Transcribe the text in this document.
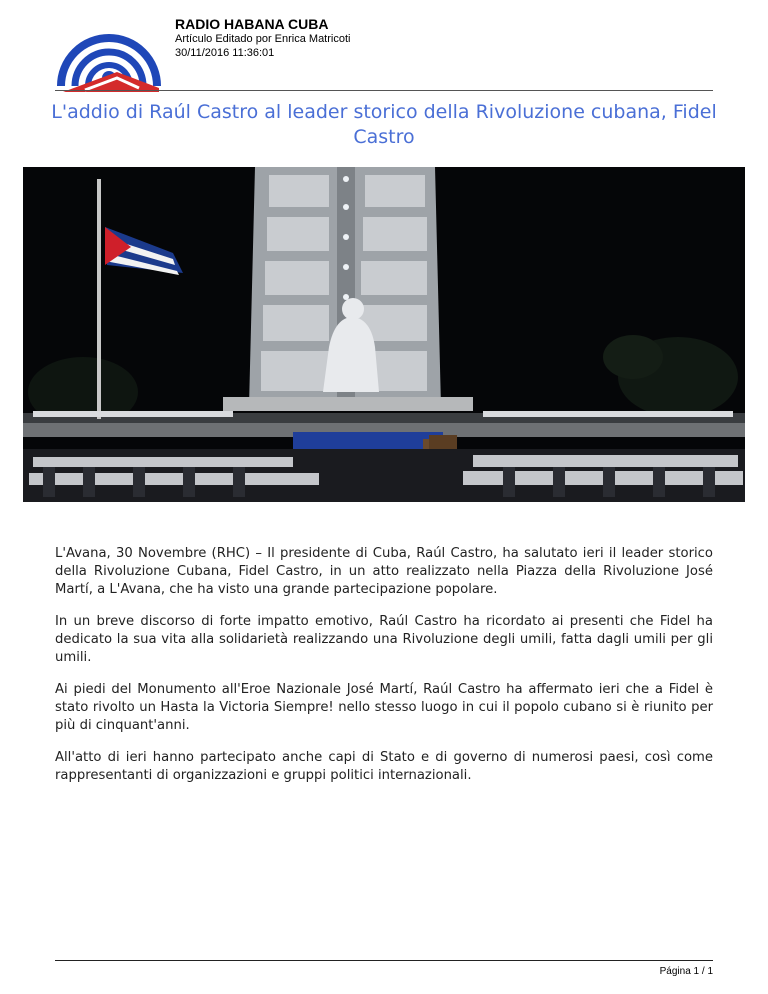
RADIO HABANA CUBA
Artículo Editado por Enrica Matricoti
30/11/2016 11:36:01
L'addio di Raúl Castro al leader storico della Rivoluzione cubana, Fidel Castro

L'Avana, 30 Novembre (RHC) – Il presidente di Cuba, Raúl Castro, ha salutato ieri il leader storico della Rivoluzione Cubana, Fidel Castro, in un atto realizzato nella Piazza della Rivoluzione José Martí, a L'Avana, che ha visto una grande partecipazione popolare.

In un breve discorso di forte impatto emotivo, Raúl Castro ha ricordato ai presenti che Fidel ha dedicato la sua vita alla solidarietà realizzando una Rivoluzione degli umili, fatta dagli umili per gli umili.

Ai piedi del Monumento all'Eroe Nazionale José Martí, Raúl Castro ha affermato ieri che a Fidel è stato rivolto un Hasta la Victoria Siempre! nello stesso luogo in cui il popolo cubano si è riunito per più di cinquant'anni.

All'atto di ieri hanno partecipato anche capi di Stato e di governo di numerosi paesi, così come rappresentanti di organizzazioni e gruppi politici internazionali.

Página 1 / 1
